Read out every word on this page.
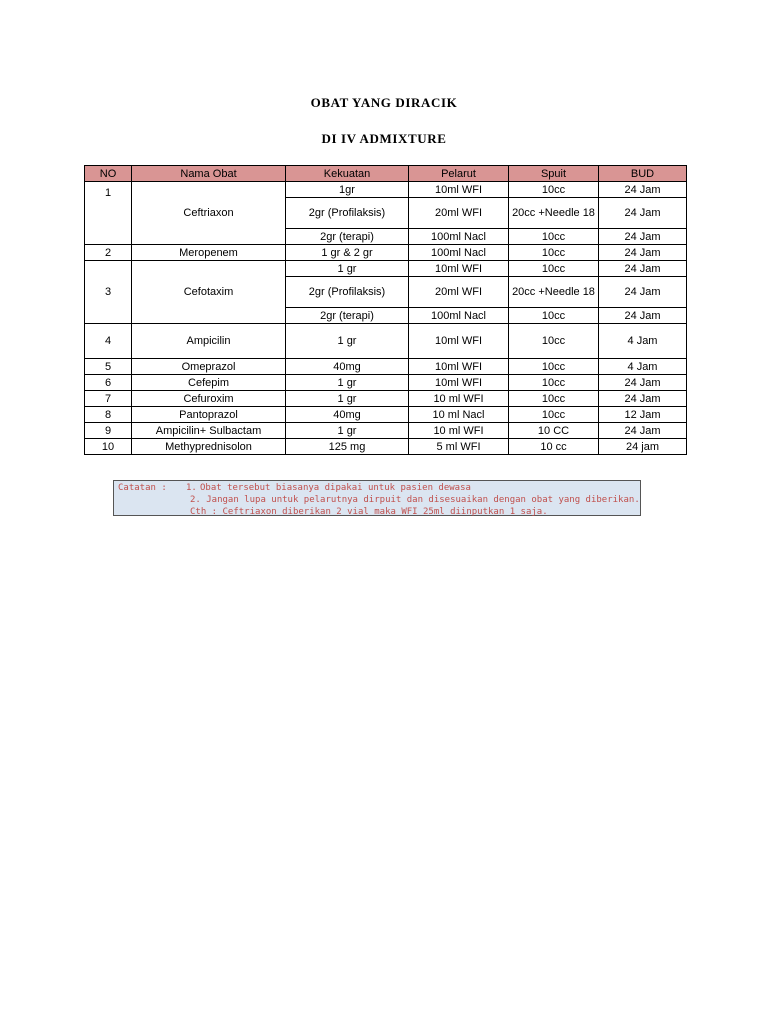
OBAT YANG DIRACIK
DI IV ADMIXTURE
NO	Nama Obat	Kekuatan	Pelarut	Spuit	BUD
1	Ceftriaxon	1gr	10ml WFI	10cc	24 Jam
		2gr (Profilaksis)	20ml WFI	20cc +Needle 18	24 Jam
		2gr (terapi)	100ml Nacl	10cc	24 Jam
2	Meropenem	1 gr & 2 gr	100ml Nacl	10cc	24 Jam
3	Cefotaxim	1 gr	10ml WFI	10cc	24 Jam
		2gr (Profilaksis)	20ml WFI	20cc +Needle 18	24 Jam
		2gr (terapi)	100ml Nacl	10cc	24 Jam
4	Ampicilin	1 gr	10ml WFI	10cc	4 Jam
5	Omeprazol	40mg	10ml WFI	10cc	4 Jam
6	Cefepim	1 gr	10ml WFI	10cc	24 Jam
7	Cefuroxim	1 gr	10 ml WFI	10cc	24 Jam
8	Pantoprazol	40mg	10 ml Nacl	10cc	12 Jam
9	Ampicilin+ Sulbactam	1 gr	10 ml WFI	10 CC	24 Jam
10	Methyprednisolon	125 mg	5 ml WFI	10 cc	24 jam
Catatan :	1. Obat tersebut biasanya dipakai untuk pasien dewasa
2. Jangan lupa untuk pelarutnya dirpuit dan disesuaikan dengan obat yang diberikan.
Cth : Ceftriaxon diberikan 2 vial maka WFI 25ml diinputkan 1 saja.
